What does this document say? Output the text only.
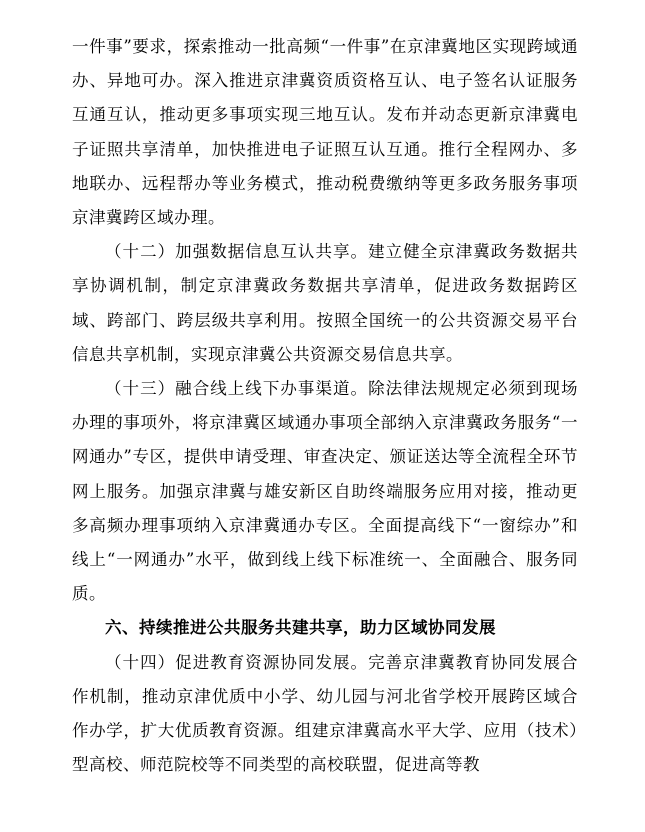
一件事”要求，探索推动一批高频“一件事”在京津冀地区实现跨域通办、异地可办。深入推进京津冀资质资格互认、电子签名认证服务互通互认，推动更多事项实现三地互认。发布并动态更新京津冀电子证照共享清单，加快推进电子证照互认互通。推行全程网办、多地联办、远程帮办等业务模式，推动税费缴纳等更多政务服务事项京津冀跨区域办理。

（十二）加强数据信息互认共享。建立健全京津冀政务数据共享协调机制，制定京津冀政务数据共享清单，促进政务数据跨区域、跨部门、跨层级共享利用。按照全国统一的公共资源交易平台信息共享机制，实现京津冀公共资源交易信息共享。

（十三）融合线上线下办事渠道。除法律法规规定必须到现场办理的事项外，将京津冀区域通办事项全部纳入京津冀政务服务“一网通办”专区，提供申请受理、审查决定、颁证送达等全流程全环节网上服务。加强京津冀与雄安新区自助终端服务应用对接，推动更多高频办理事项纳入京津冀通办专区。全面提高线下“一窗综办”和线上“一网通办”水平，做到线上线下标准统一、全面融合、服务同质。

六、持续推进公共服务共建共享，助力区域协同发展

（十四）促进教育资源协同发展。完善京津冀教育协同发展合作机制，推动京津优质中小学、幼儿园与河北省学校开展跨区域合作办学，扩大优质教育资源。组建京津冀高水平大学、应用（技术）型高校、师范院校等不同类型的高校联盟，促进高等教
